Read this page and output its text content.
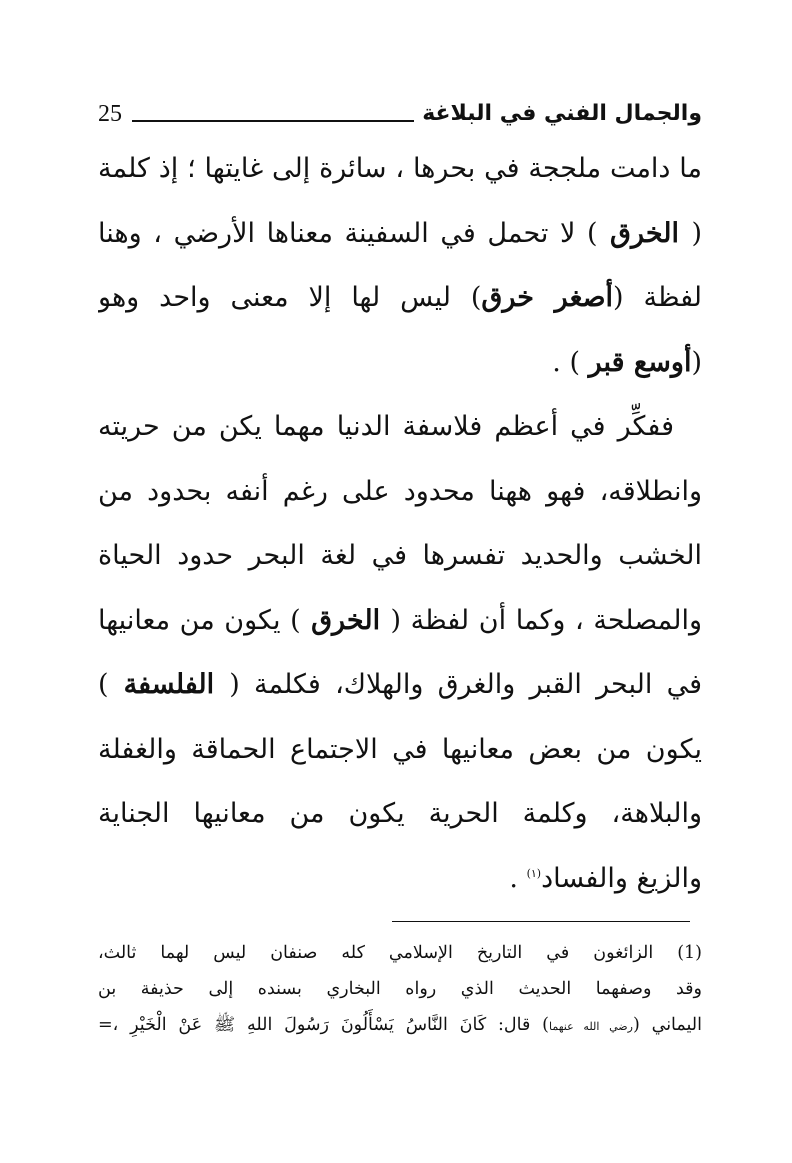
والجمال الفني في البلاغة
25
ما دامت ملججة في بحرها ، سائرة إلى غايتها ؛ إذ كلمة
( الخرق ) لا تحمل في السفينة معناها الأرضي ، وهنا
لفظة (أصغر خرق) ليس لها إلا معنى واحد وهو
(أوسع قبر ) .
ففكِّر في أعظم فلاسفة الدنيا مهما يكن من حريته
وانطلاقه، فهو ههنا محدود على رغم أنفه بحدود من
الخشب والحديد تفسرها في لغة البحر حدود الحياة
والمصلحة ، وكما أن لفظة ( الخرق ) يكون من معانيها
في البحر القبر والغرق والهلاك، فكلمة ( الفلسفة )
يكون من بعض معانيها في الاجتماع الحماقة والغفلة
والبلاهة، وكلمة الحرية يكون من معانيها الجناية
والزيغ والفساد$^{(١)}$ .
(1) الزائغون في التاريخ الإسلامي كله صنفان ليس لهما ثالث،
وقد وصفهما الحديث الذي رواه البخاري بسنده إلى حذيفة بن
اليماني (رضي الله عنهما) قال: كَانَ النَّاسُ يَسْأَلُونَ رَسُولَ اللهِ ﷺ عَنْ الْخَيْرِ ،=
